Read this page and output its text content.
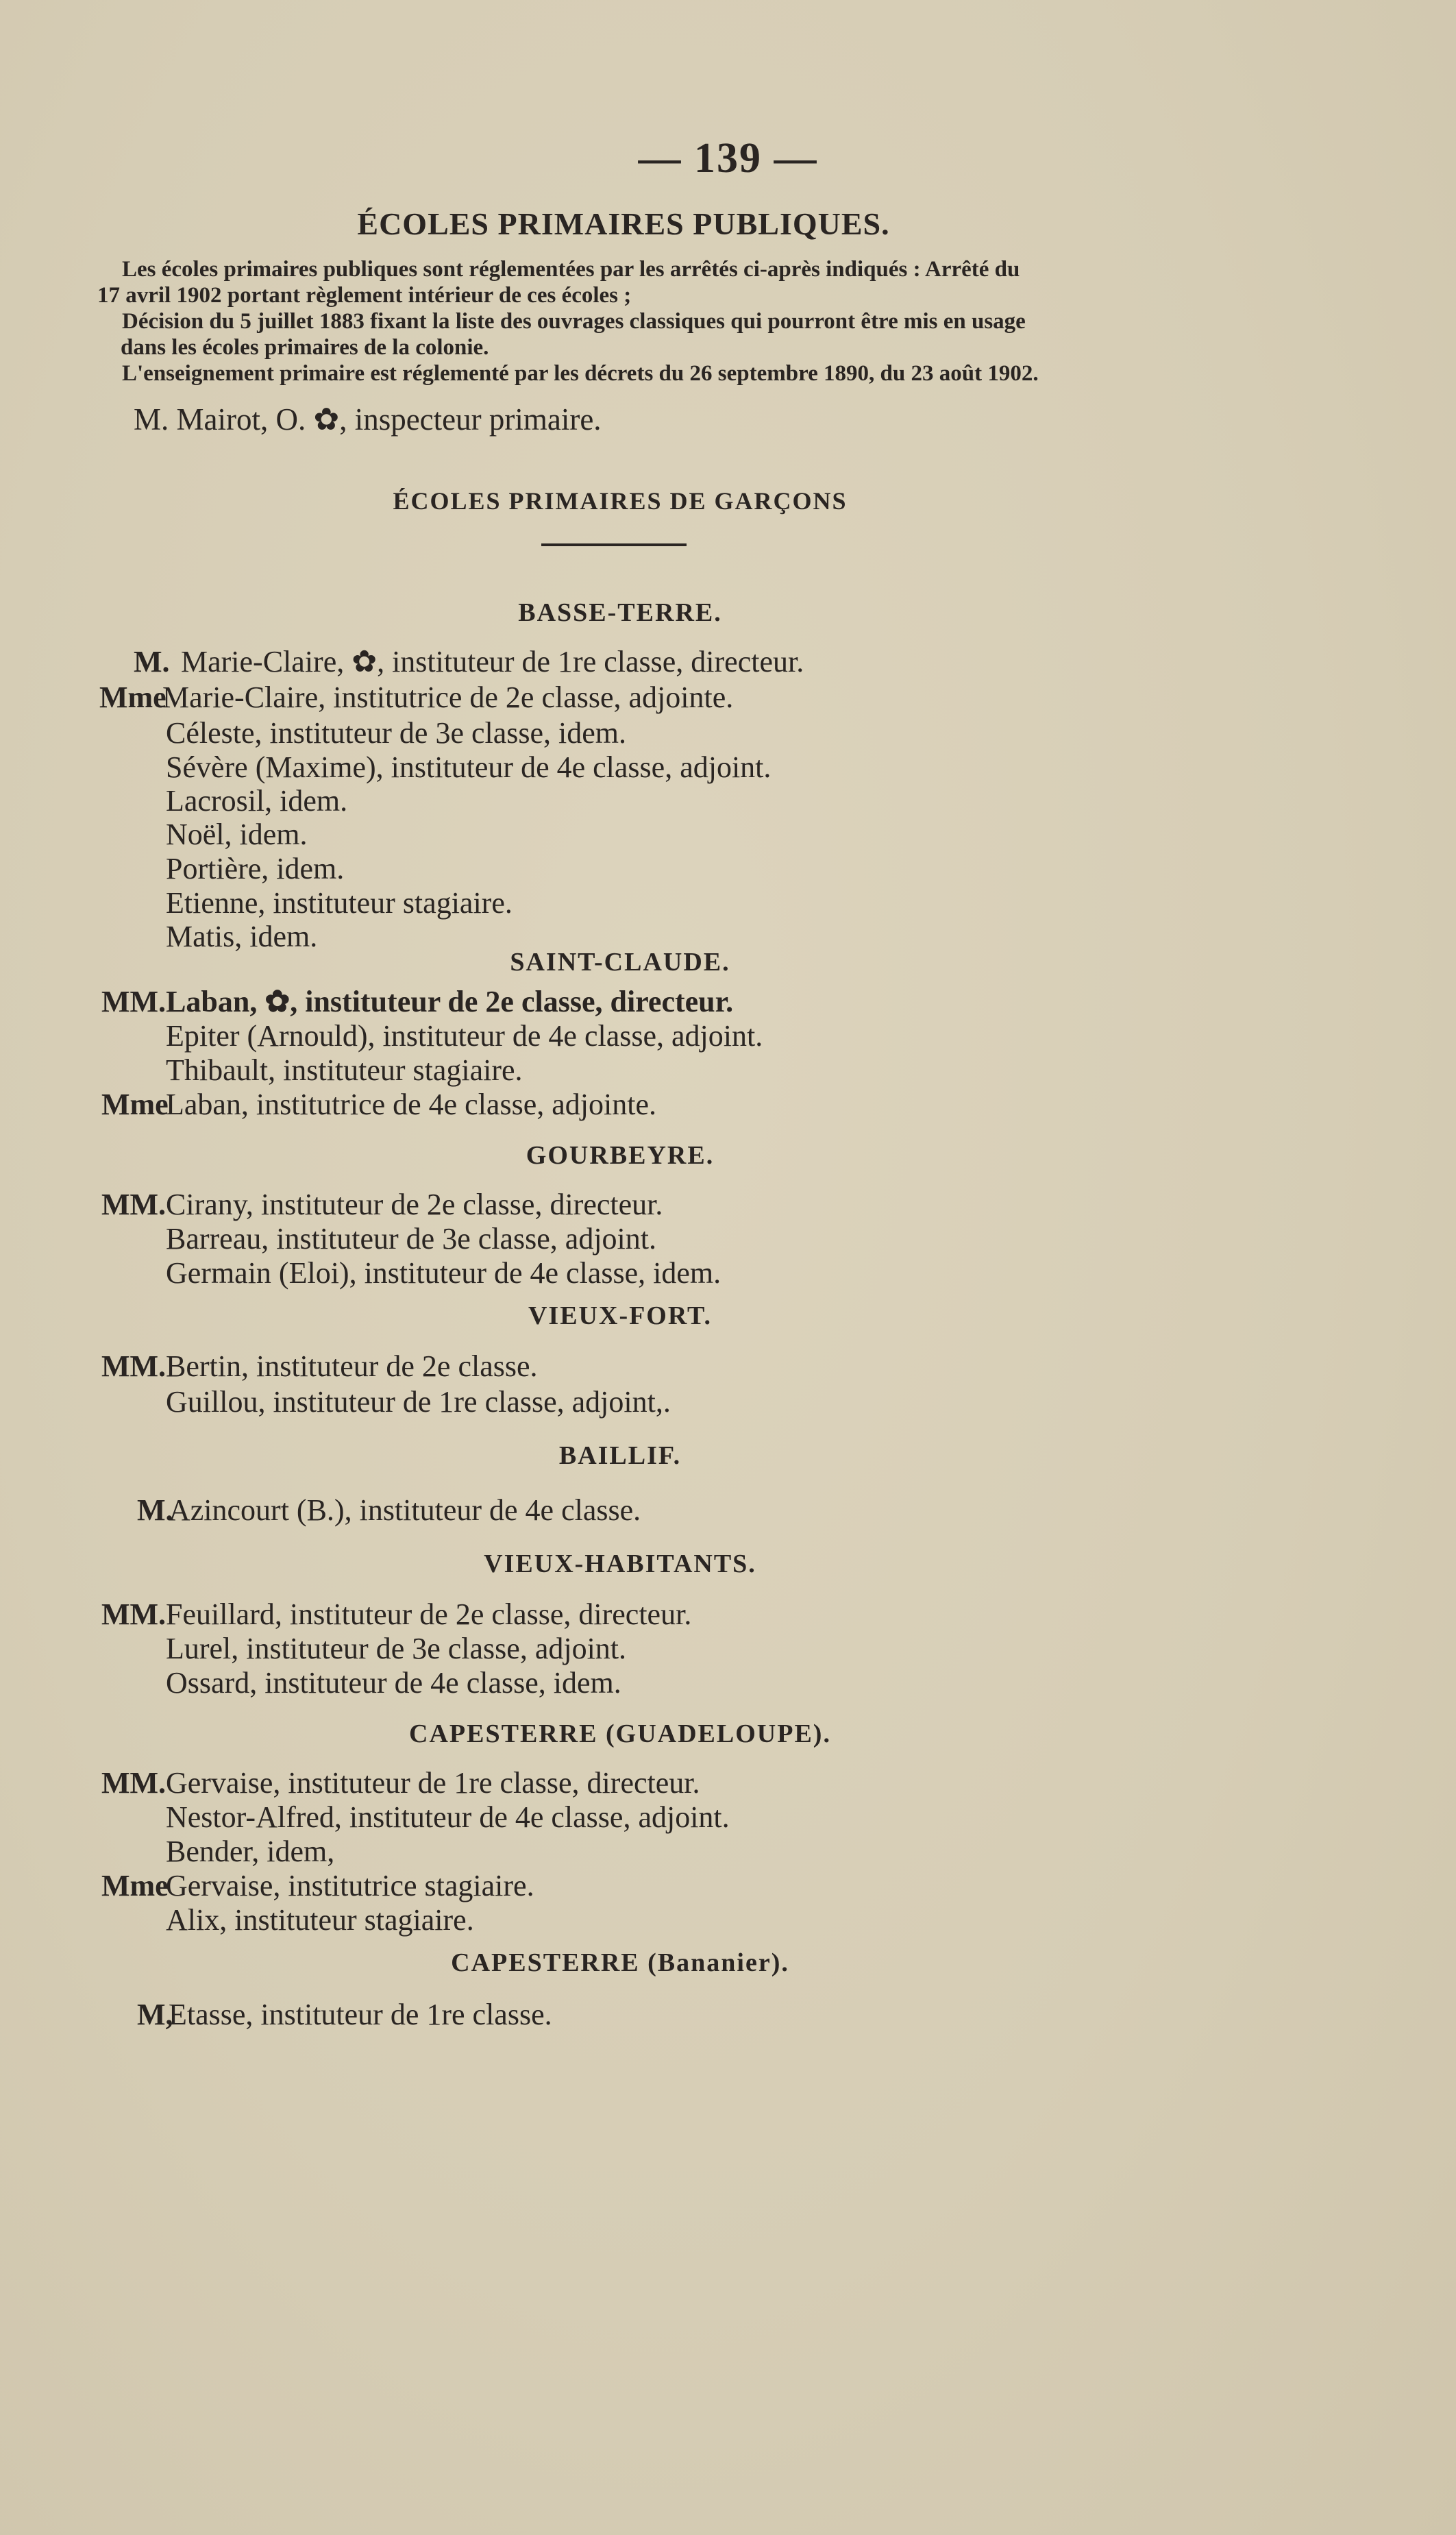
— 139 —
ÉCOLES PRIMAIRES PUBLIQUES.

Les écoles primaires publiques sont réglementées par les arrêtés ci-après indiqués : Arrêté du

17 avril 1902 portant règlement intérieur de ces écoles ;

Décision du 5 juillet 1883 fixant la liste des ouvrages classiques qui pourront être mis en usage

dans les écoles primaires de la colonie.

L'enseignement primaire est réglementé par les décrets du 26 septembre 1890, du 23 août 1902.

M. Mairot, O. ✿, inspecteur primaire.
ÉCOLES PRIMAIRES DE GARÇONS
BASSE-TERRE.
M. Marie-Claire, ✿, instituteur de 1re classe, directeur.
MmeMarie-Claire, institutrice de 2e classe, adjointe.
Céleste, instituteur de 3e classe, idem.
Sévère (Maxime), instituteur de 4e classe, adjoint.
Lacrosil, idem.
Noël, idem.
Portière, idem.
Etienne, instituteur stagiaire.
Matis, idem.
SAINT-CLAUDE.
MM.Laban, ✿, instituteur de 2e classe, directeur.
Epiter (Arnould), instituteur de 4e classe, adjoint.
Thibault, instituteur stagiaire.
MmeLaban, institutrice de 4e classe, adjointe.
GOURBEYRE.
MM.Cirany, instituteur de 2e classe, directeur.
Barreau, instituteur de 3e classe, adjoint.
Germain (Eloi), instituteur de 4e classe, idem.
VIEUX-FORT.
MM.Bertin, instituteur de 2e classe.
Guillou, instituteur de 1re classe, adjoint,.
BAILLIF.
M.Azincourt (B.), instituteur de 4e classe.
VIEUX-HABITANTS.
MM.Feuillard, instituteur de 2e classe, directeur.
Lurel, instituteur de 3e classe, adjoint.
Ossard, instituteur de 4e classe, idem.
CAPESTERRE (GUADELOUPE).
MM.Gervaise, instituteur de 1re classe, directeur.
Nestor-Alfred, instituteur de 4e classe, adjoint.
Bender, idem,
MmeGervaise, institutrice stagiaire.
Alix, instituteur stagiaire.
CAPESTERRE (Bananier).
M,Etasse, instituteur de 1re classe.
